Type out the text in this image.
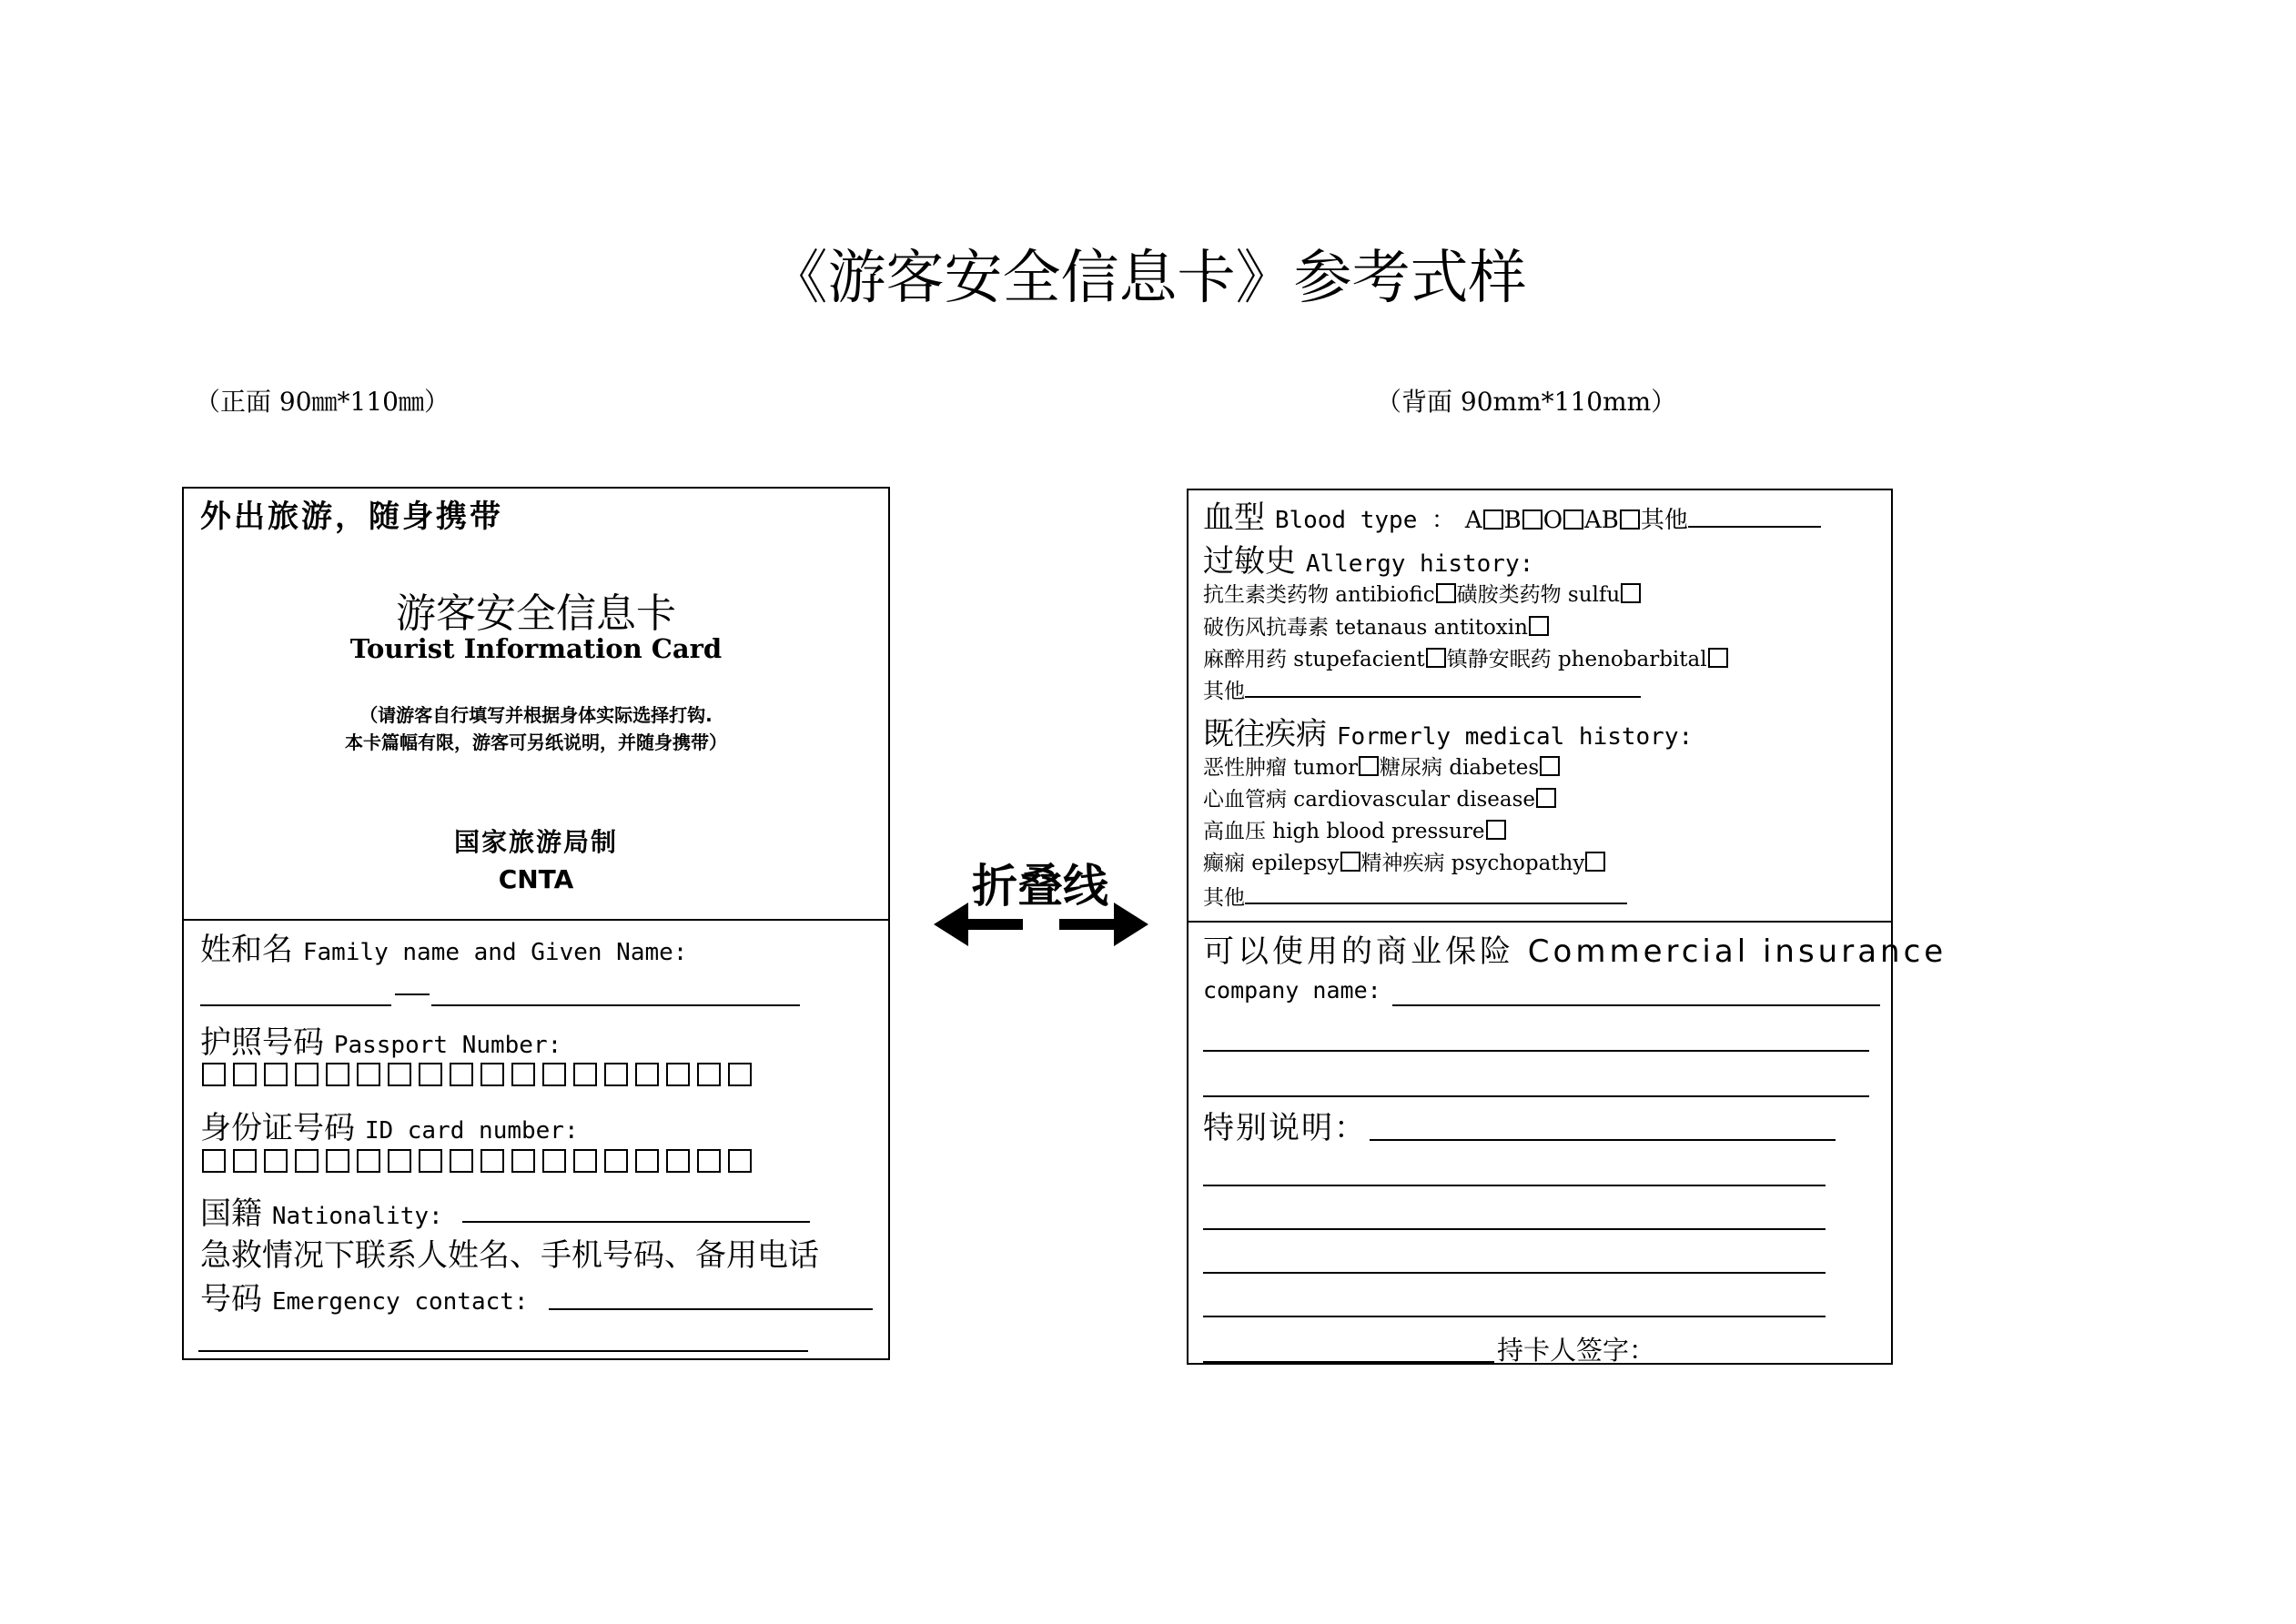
《游客安全信息卡》参考式样
（正面 90㎜*110㎜）	（背面 90mm*110mm）
外出旅游，随身携带
游客安全信息卡
Tourist Information Card
（请游客自行填写并根据身体实际选择打钩.
本卡篇幅有限，游客可另纸说明，并随身携带）
国家旅游局制
CNTA
姓和名 Family name and Given Name:
护照号码 Passport Number:
身份证号码 ID card number:
国籍 Nationality:
急救情况下联系人姓名、手机号码、备用电话
号码 Emergency contact:
折叠线
血型 Blood type ： A B O AB 其他
过敏史 Allergy history:
抗生素类药物 antibiofic 磺胺类药物 sulfu
破伤风抗毒素 tetanaus antitoxin
麻醉用药 stupefacient 镇静安眠药 phenobarbital
其他
既往疾病 Formerly medical history:
恶性肿瘤 tumor 糖尿病 diabetes
心血管病 cardiovascular disease
高血压 high blood pressure
癫痫 epilepsy 精神疾病 psychopathy
其他
可以使用的商业保险 Commercial insurance
company name:
特别说明：
持卡人签字：
